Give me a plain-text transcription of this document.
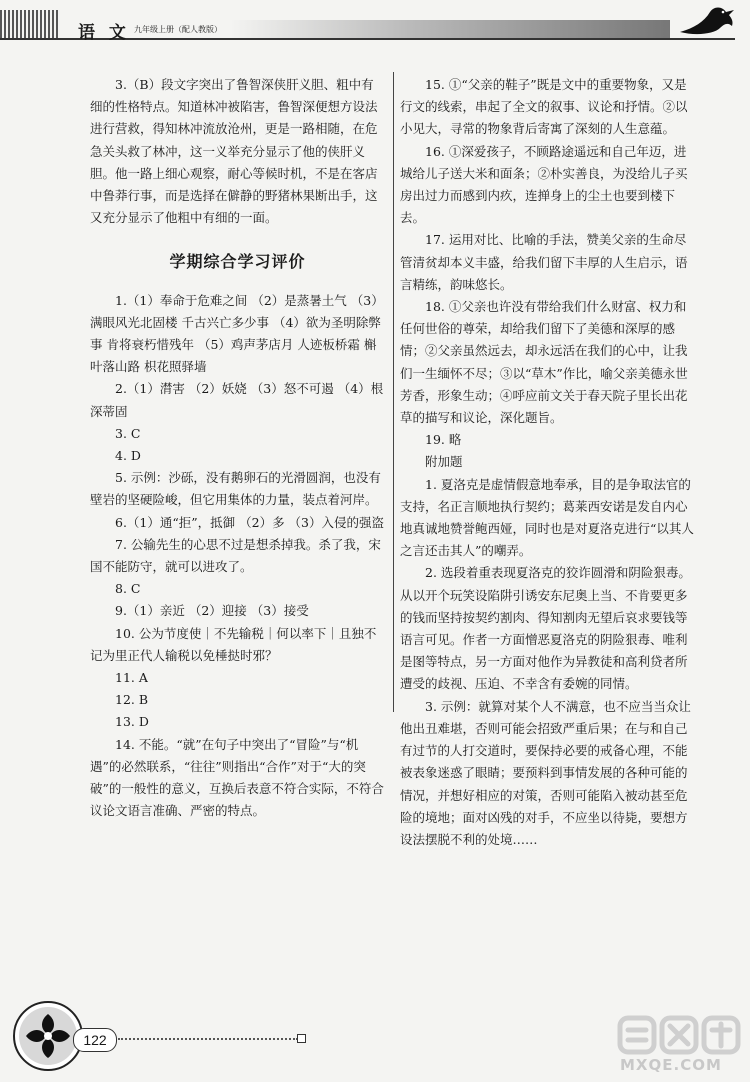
语 文 九年级上册（配人教版）

3.（B）段文字突出了鲁智深侠肝义胆、粗中有细的性格特点。知道林冲被陷害，鲁智深便想方设法进行营救，得知林冲流放沧州，更是一路相随，在危急关头救了林冲，这一义举充分显示了他的侠肝义胆。他一路上细心观察，耐心等候时机，不是在客店中鲁莽行事，而是选择在僻静的野猪林果断出手，这又充分显示了他粗中有细的一面。

学期综合学习评价

1.（1）奉命于危难之间 （2）是蒸暑土气 （3）满眼风光北固楼 千古兴亡多少事 （4）欲为圣明除弊事 肯将衰朽惜残年 （5）鸡声茅店月 人迹板桥霜 槲叶落山路 枳花照驿墙

2.（1）潸害 （2）妖娆 （3）怒不可遏 （4）根深蒂固

3. C

4. D

5. 示例：沙砾，没有鹅卵石的光滑圆润，也没有壁岩的坚硬险峻，但它用集体的力量，装点着河岸。

6.（1）通“拒”，抵御 （2）多 （3）入侵的强盗

7. 公输先生的心思不过是想杀掉我。杀了我，宋国不能防守，就可以进攻了。

8. C

9.（1）亲近 （2）迎接 （3）接受

10. 公为节度使｜不先输税｜何以率下｜且独不记为里正代人输税以免棰挞时邪？

11. A

12. B

13. D

14. 不能。“就”在句子中突出了“冒险”与“机遇”的必然联系，“往往”则指出“合作”对于“大的突破”的一般性的意义，互换后表意不符合实际，不符合议论文语言准确、严密的特点。

15. ①“父亲的鞋子”既是文中的重要物象，又是行文的线索，串起了全文的叙事、议论和抒情。②以小见大，寻常的物象背后寄寓了深刻的人生意蕴。

16. ①深爱孩子，不顾路途遥远和自己年迈，进城给儿子送大米和面条；②朴实善良，为没给儿子买房出过力而感到内疚，连掸身上的尘土也要到楼下去。

17. 运用对比、比喻的手法，赞美父亲的生命尽管清贫却本义丰盛，给我们留下丰厚的人生启示，语言精练，韵味悠长。

18. ①父亲也许没有带给我们什么财富、权力和任何世俗的尊荣，却给我们留下了美德和深厚的感情；②父亲虽然远去，却永远活在我们的心中，让我们一生缅怀不尽；③以“草木”作比，喻父亲美德永世芳香，形象生动；④呼应前文关于春天院子里长出花草的描写和议论，深化题旨。

19. 略

附加题

1. 夏洛克是虚情假意地奉承，目的是争取法官的支持，名正言顺地执行契约；葛莱西安诺是发自内心地真诚地赞誉鲍西娅，同时也是对夏洛克进行“以其人之言还击其人”的嘲弄。

2. 选段着重表现夏洛克的狡诈圆滑和阴险狠毒。从以开个玩笑设陷阱引诱安东尼奥上当、不肯要更多的钱而坚持按契约割肉、得知割肉无望后哀求要钱等语言可见。作者一方面憎恶夏洛克的阴险狠毒、唯利是图等特点，另一方面对他作为异教徒和高利贷者所遭受的歧视、压迫、不幸含有委婉的同情。

3. 示例：就算对某个人不满意，也不应当当众让他出丑难堪，否则可能会招致严重后果；在与和自己有过节的人打交道时，要保持必要的戒备心理，不能被表象迷惑了眼睛；要预料到事情发展的各种可能的情况，并想好相应的对策，否则可能陷入被动甚至危险的境地；面对凶残的对手，不应坐以待毙，要想方设法摆脱不利的处境……

122
MXQE.COM
